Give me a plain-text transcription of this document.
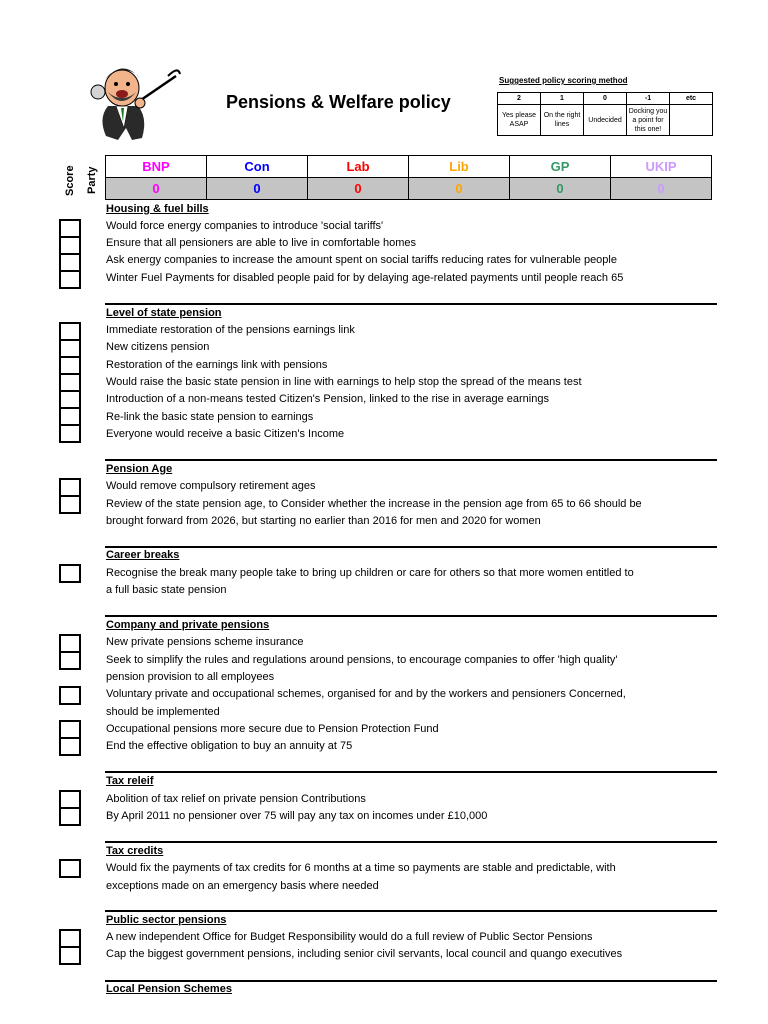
Pensions & Welfare policy
Suggested policy scoring method
2	1	0	-1	etc
Yes please ASAP	On the right lines	Undecided	Docking you a point for this one!	
Score Party	BNP	Con	Lab	Lib	GP	UKIP
0	0	0	0	0	0
Housing & fuel bills
Would force energy companies to introduce 'social tariffs'
Ensure that all pensioners are able to live in comfortable homes
Ask energy companies to increase the amount spent on social tariffs reducing rates for vulnerable people
Winter Fuel Payments for disabled people paid for by delaying age-related payments until people reach 65
Level of state pension
Immediate restoration of the pensions earnings link
New citizens pension
Restoration of the earnings link with pensions
Would raise the basic state pension in line with earnings to help stop the spread of the means test
Introduction of a non-means tested Citizen's Pension, linked to the rise in average earnings
Re-link the basic state pension to earnings
Everyone would receive a basic Citizen's Income
Pension Age
Would remove compulsory retirement ages
Review of the state pension age, to Consider whether the increase in the pension age from 65 to 66 should be
brought forward from 2026, but starting no earlier than 2016 for men and 2020 for women
Career breaks
Recognise the break many people take to bring up children or care for others so that more women entitled to
a full basic state pension
Company and private pensions
New private pensions scheme insurance
Seek to simplify the rules and regulations around pensions, to encourage companies to offer 'high quality'
pension provision to all employees
Voluntary private and occupational schemes, organised for and by the workers and pensioners Concerned,
should be implemented
Occupational pensions more secure due to Pension Protection Fund
End the effective obligation to buy an annuity at 75
Tax releif
Abolition of tax relief on private pension Contributions
By April 2011 no pensioner over 75 will pay any tax on incomes under £10,000
Tax credits
Would fix the payments of tax credits for 6 months at a time so payments are stable and predictable, with
exceptions made on an emergency basis where needed
Public sector pensions
A new independent Office for Budget Responsibility would do a full review of Public Sector Pensions
Cap the biggest government pensions, including senior civil servants, local council and quango executives
Local Pension Schemes
